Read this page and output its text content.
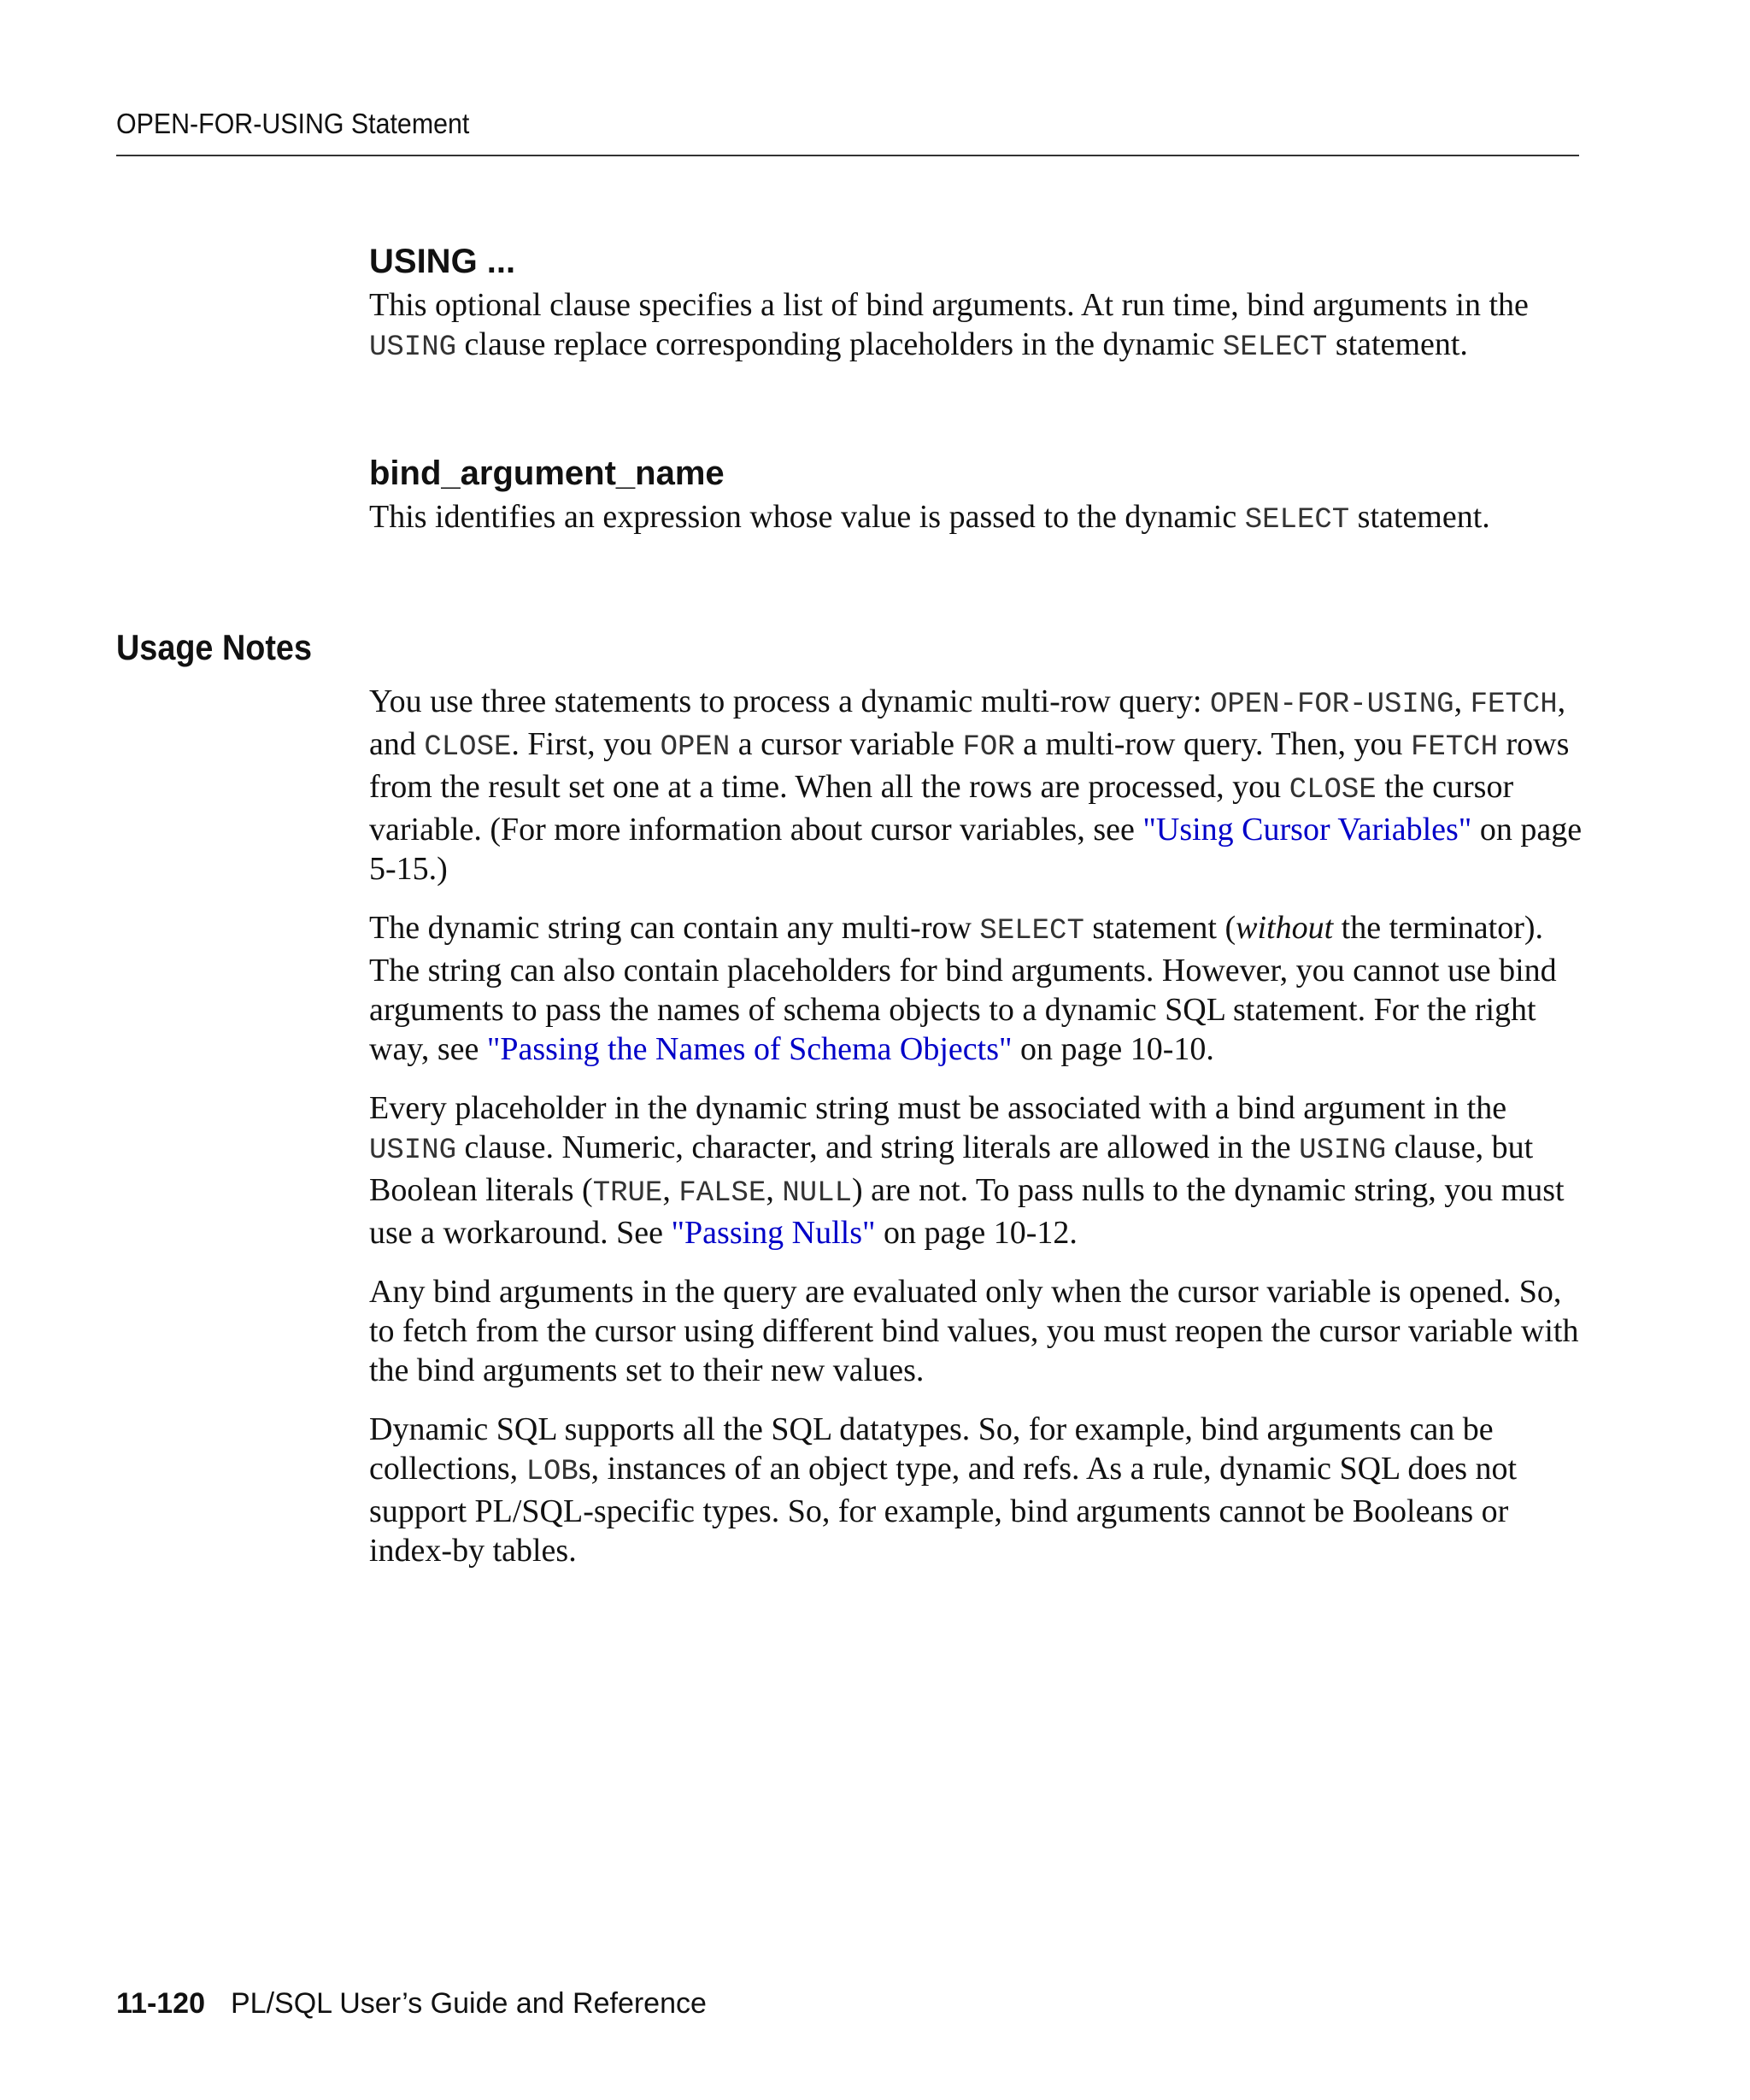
OPEN-FOR-USING Statement
USING ...

This optional clause specifies a list of bind arguments. At run time, bind arguments in the USING clause replace corresponding placeholders in the dynamic SELECT statement.

bind_argument_name

This identifies an expression whose value is passed to the dynamic SELECT statement.

Usage Notes

You use three statements to process a dynamic multi-row query: OPEN-FOR-USING, FETCH, and CLOSE. First, you OPEN a cursor variable FOR a multi-row query. Then, you FETCH rows from the result set one at a time. When all the rows are processed, you CLOSE the cursor variable. (For more information about cursor variables, see "Using Cursor Variables" on page 5-15.)

The dynamic string can contain any multi-row SELECT statement (without the terminator). The string can also contain placeholders for bind arguments. However, you cannot use bind arguments to pass the names of schema objects to a dynamic SQL statement. For the right way, see "Passing the Names of Schema Objects" on page 10-10.

Every placeholder in the dynamic string must be associated with a bind argument in the USING clause. Numeric, character, and string literals are allowed in the USING clause, but Boolean literals (TRUE, FALSE, NULL) are not. To pass nulls to the dynamic string, you must use a workaround. See "Passing Nulls" on page 10-12.

Any bind arguments in the query are evaluated only when the cursor variable is opened. So, to fetch from the cursor using different bind values, you must reopen the cursor variable with the bind arguments set to their new values.

Dynamic SQL supports all the SQL datatypes. So, for example, bind arguments can be collections, LOBs, instances of an object type, and refs. As a rule, dynamic SQL does not support PL/SQL-specific types. So, for example, bind arguments cannot be Booleans or index-by tables.

11-120 PL/SQL User’s Guide and Reference
